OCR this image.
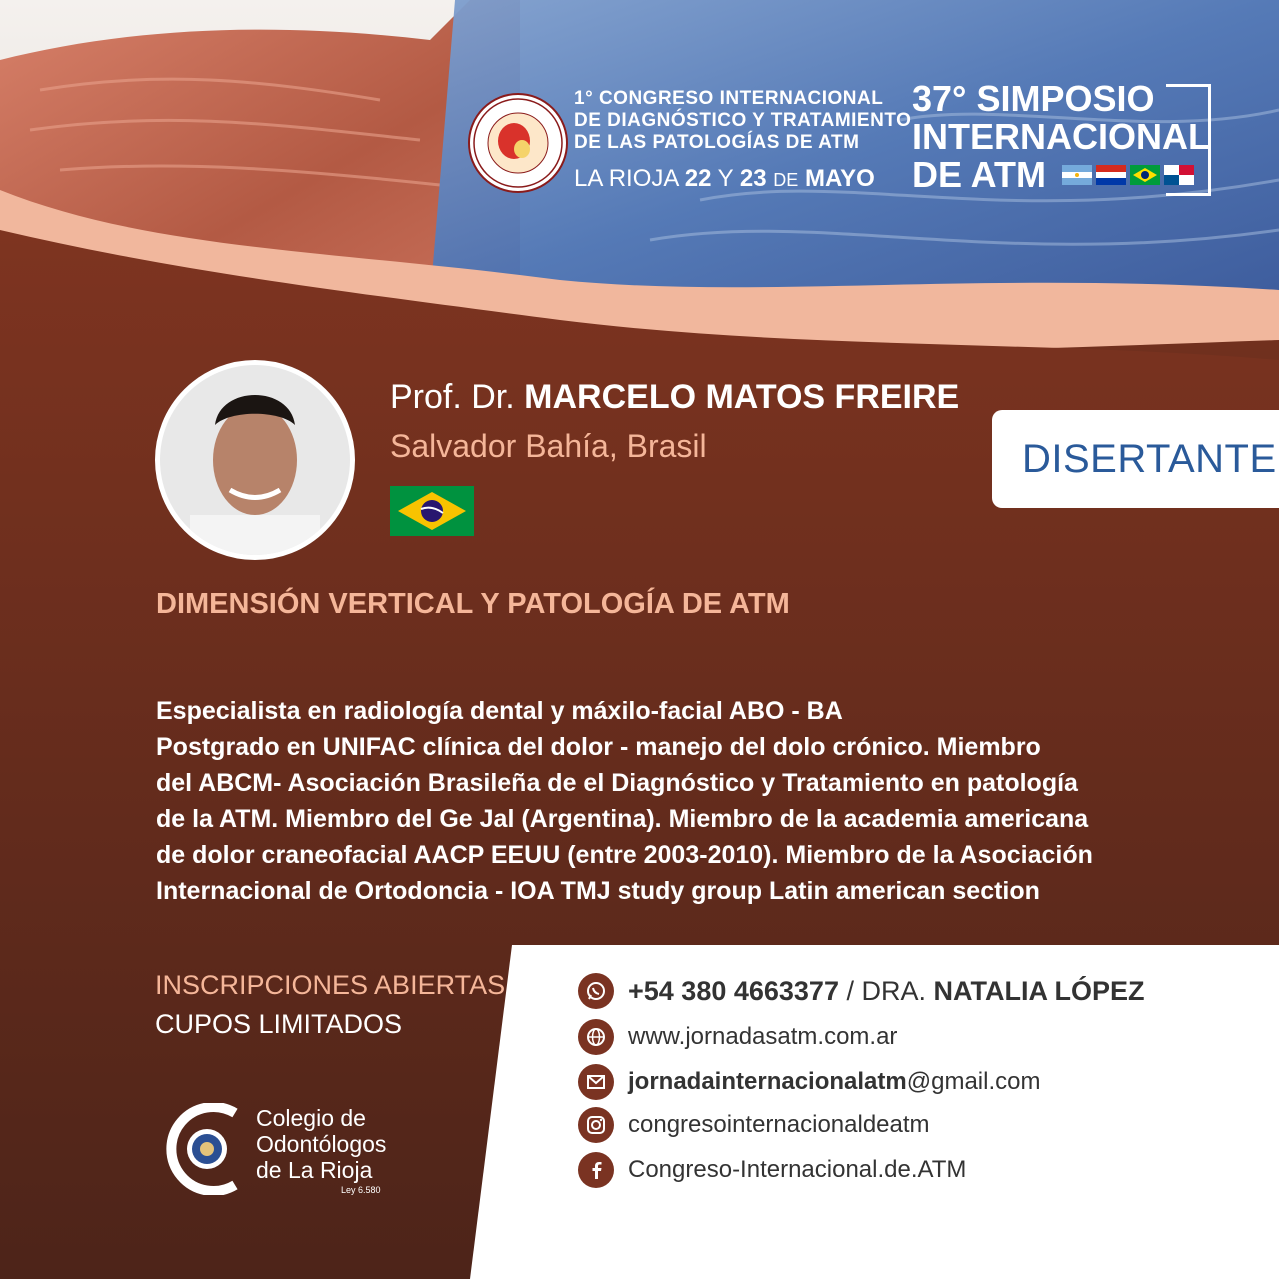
1° CONGRESO INTERNACIONAL
DE DIAGNÓSTICO Y TRATAMIENTO
DE LAS PATOLOGÍAS DE ATM
LA RIOJA 22 Y 23 DE MAYO
37° SIMPOSIO
INTERNACIONAL
DE ATM
Prof. Dr. MARCELO MATOS FREIRE
Salvador Bahía, Brasil	DISERTANTE
DIMENSIÓN VERTICAL Y PATOLOGÍA DE ATM
Especialista en radiología dental y máxilo-facial ABO - BA
Postgrado en UNIFAC clínica del dolor - manejo del dolo crónico. Miembro
del ABCM- Asociación Brasileña de el Diagnóstico y Tratamiento en patología
de la ATM. Miembro del Ge Jal (Argentina). Miembro de la academia americana
de dolor craneofacial AACP EEUU (entre 2003-2010). Miembro de la Asociación
Internacional de Ortodoncia - IOA TMJ study group Latin american section
INSCRIPCIONES ABIERTAS
CUPOS LIMITADOS
Colegio de
Odontólogos
de La Rioja
Ley 6.580
+54 380 4663377 / DRA. NATALIA LÓPEZ
www.jornadasatm.com.ar
jornadainternacionalatm@gmail.com
congresointernacionaldeatm
Congreso-Internacional.de.ATM
